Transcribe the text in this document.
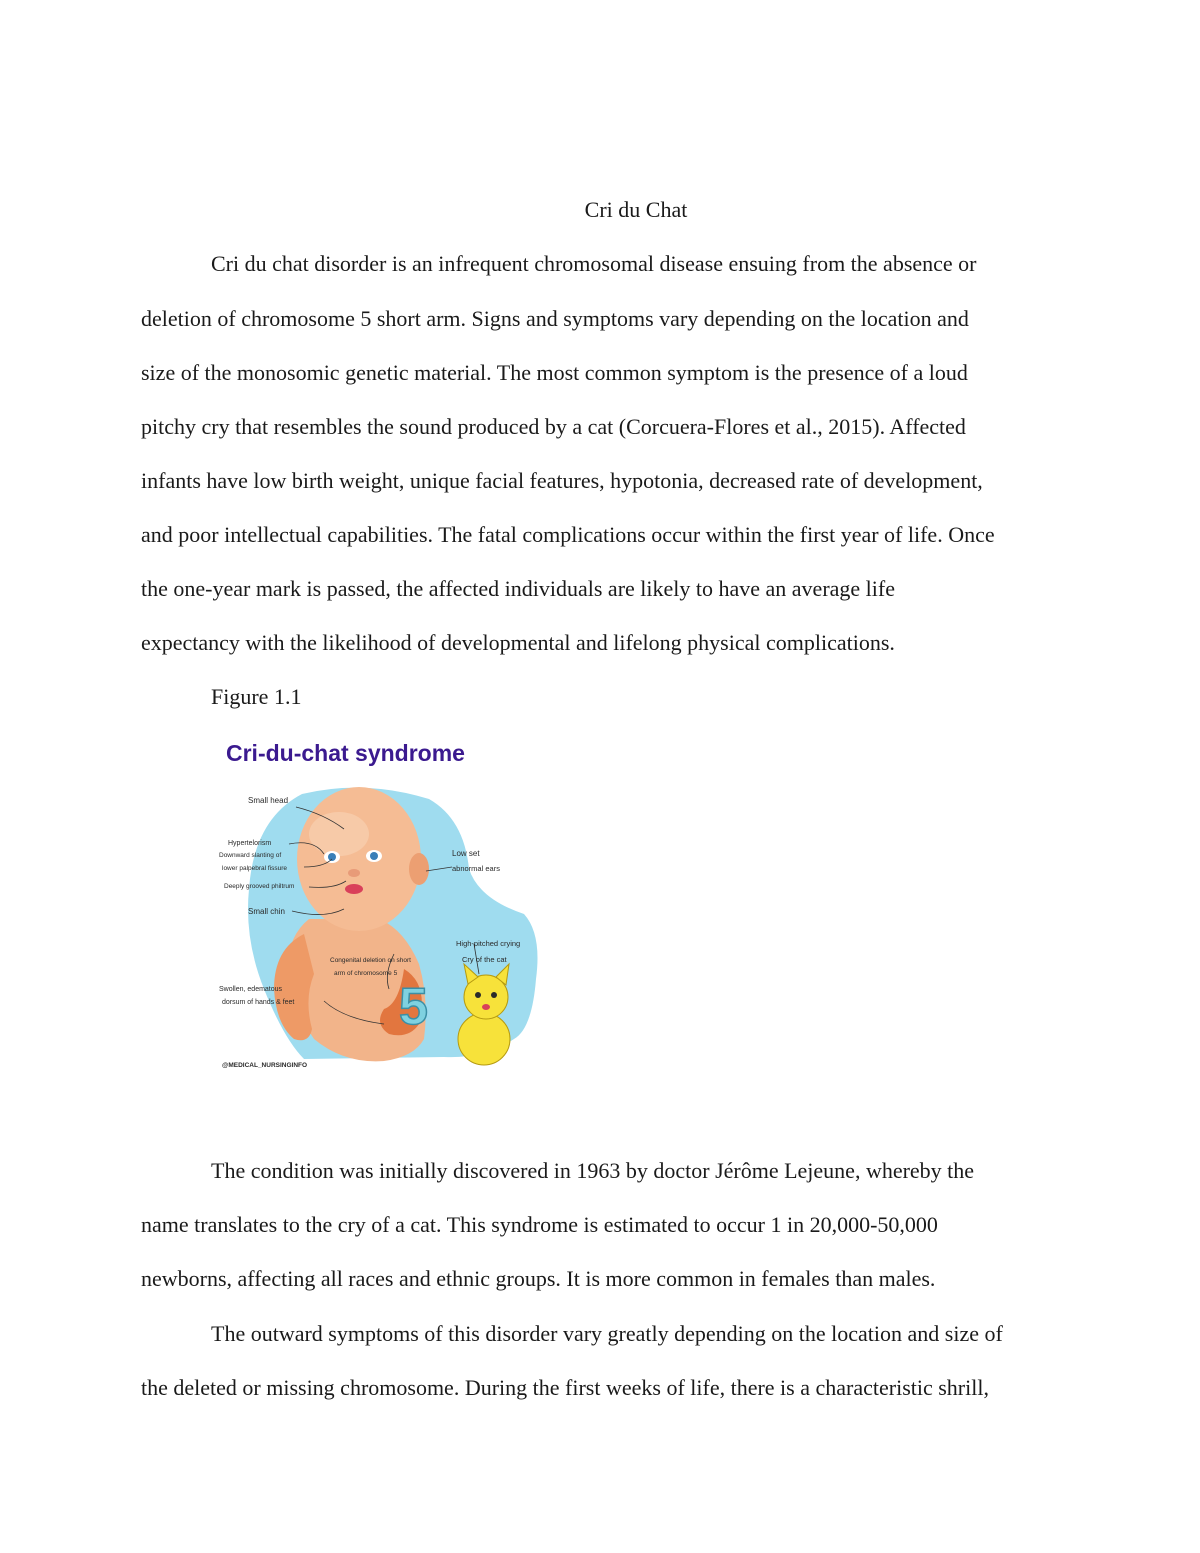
Cri du Chat
Cri du chat disorder is an infrequent chromosomal disease ensuing from the absence or
deletion of chromosome 5 short arm. Signs and symptoms vary depending on the location and
size of the monosomic genetic material. The most common symptom is the presence of a loud
pitchy cry that resembles the sound produced by a cat (Corcuera-Flores et al., 2015). Affected
infants have low birth weight, unique facial features, hypotonia, decreased rate of development,
and poor intellectual capabilities. The fatal complications occur within the first year of life. Once
the one-year mark is passed, the affected individuals are likely to have an average life
expectancy with the likelihood of developmental and lifelong physical complications.
Figure 1.1
5
Cri-du-chat syndrome
Small head
Hypertelorism
Downward slanting of
lower palpebral fissure
Deeply grooved philtrum
Small chin
Low set
abnormal ears
High-pitched crying
Cry of the cat
Congenital deletion on short
arm of chromosome 5
Swollen, edematous
dorsum of hands & feet
@MEDICAL_NURSINGINFO
The condition was initially discovered in 1963 by doctor Jérôme Lejeune, whereby the
name translates to the cry of a cat. This syndrome is estimated to occur 1 in 20,000-50,000
newborns, affecting all races and ethnic groups. It is more common in females than males.
The outward symptoms of this disorder vary greatly depending on the location and size of
the deleted or missing chromosome. During the first weeks of life, there is a characteristic shrill,
